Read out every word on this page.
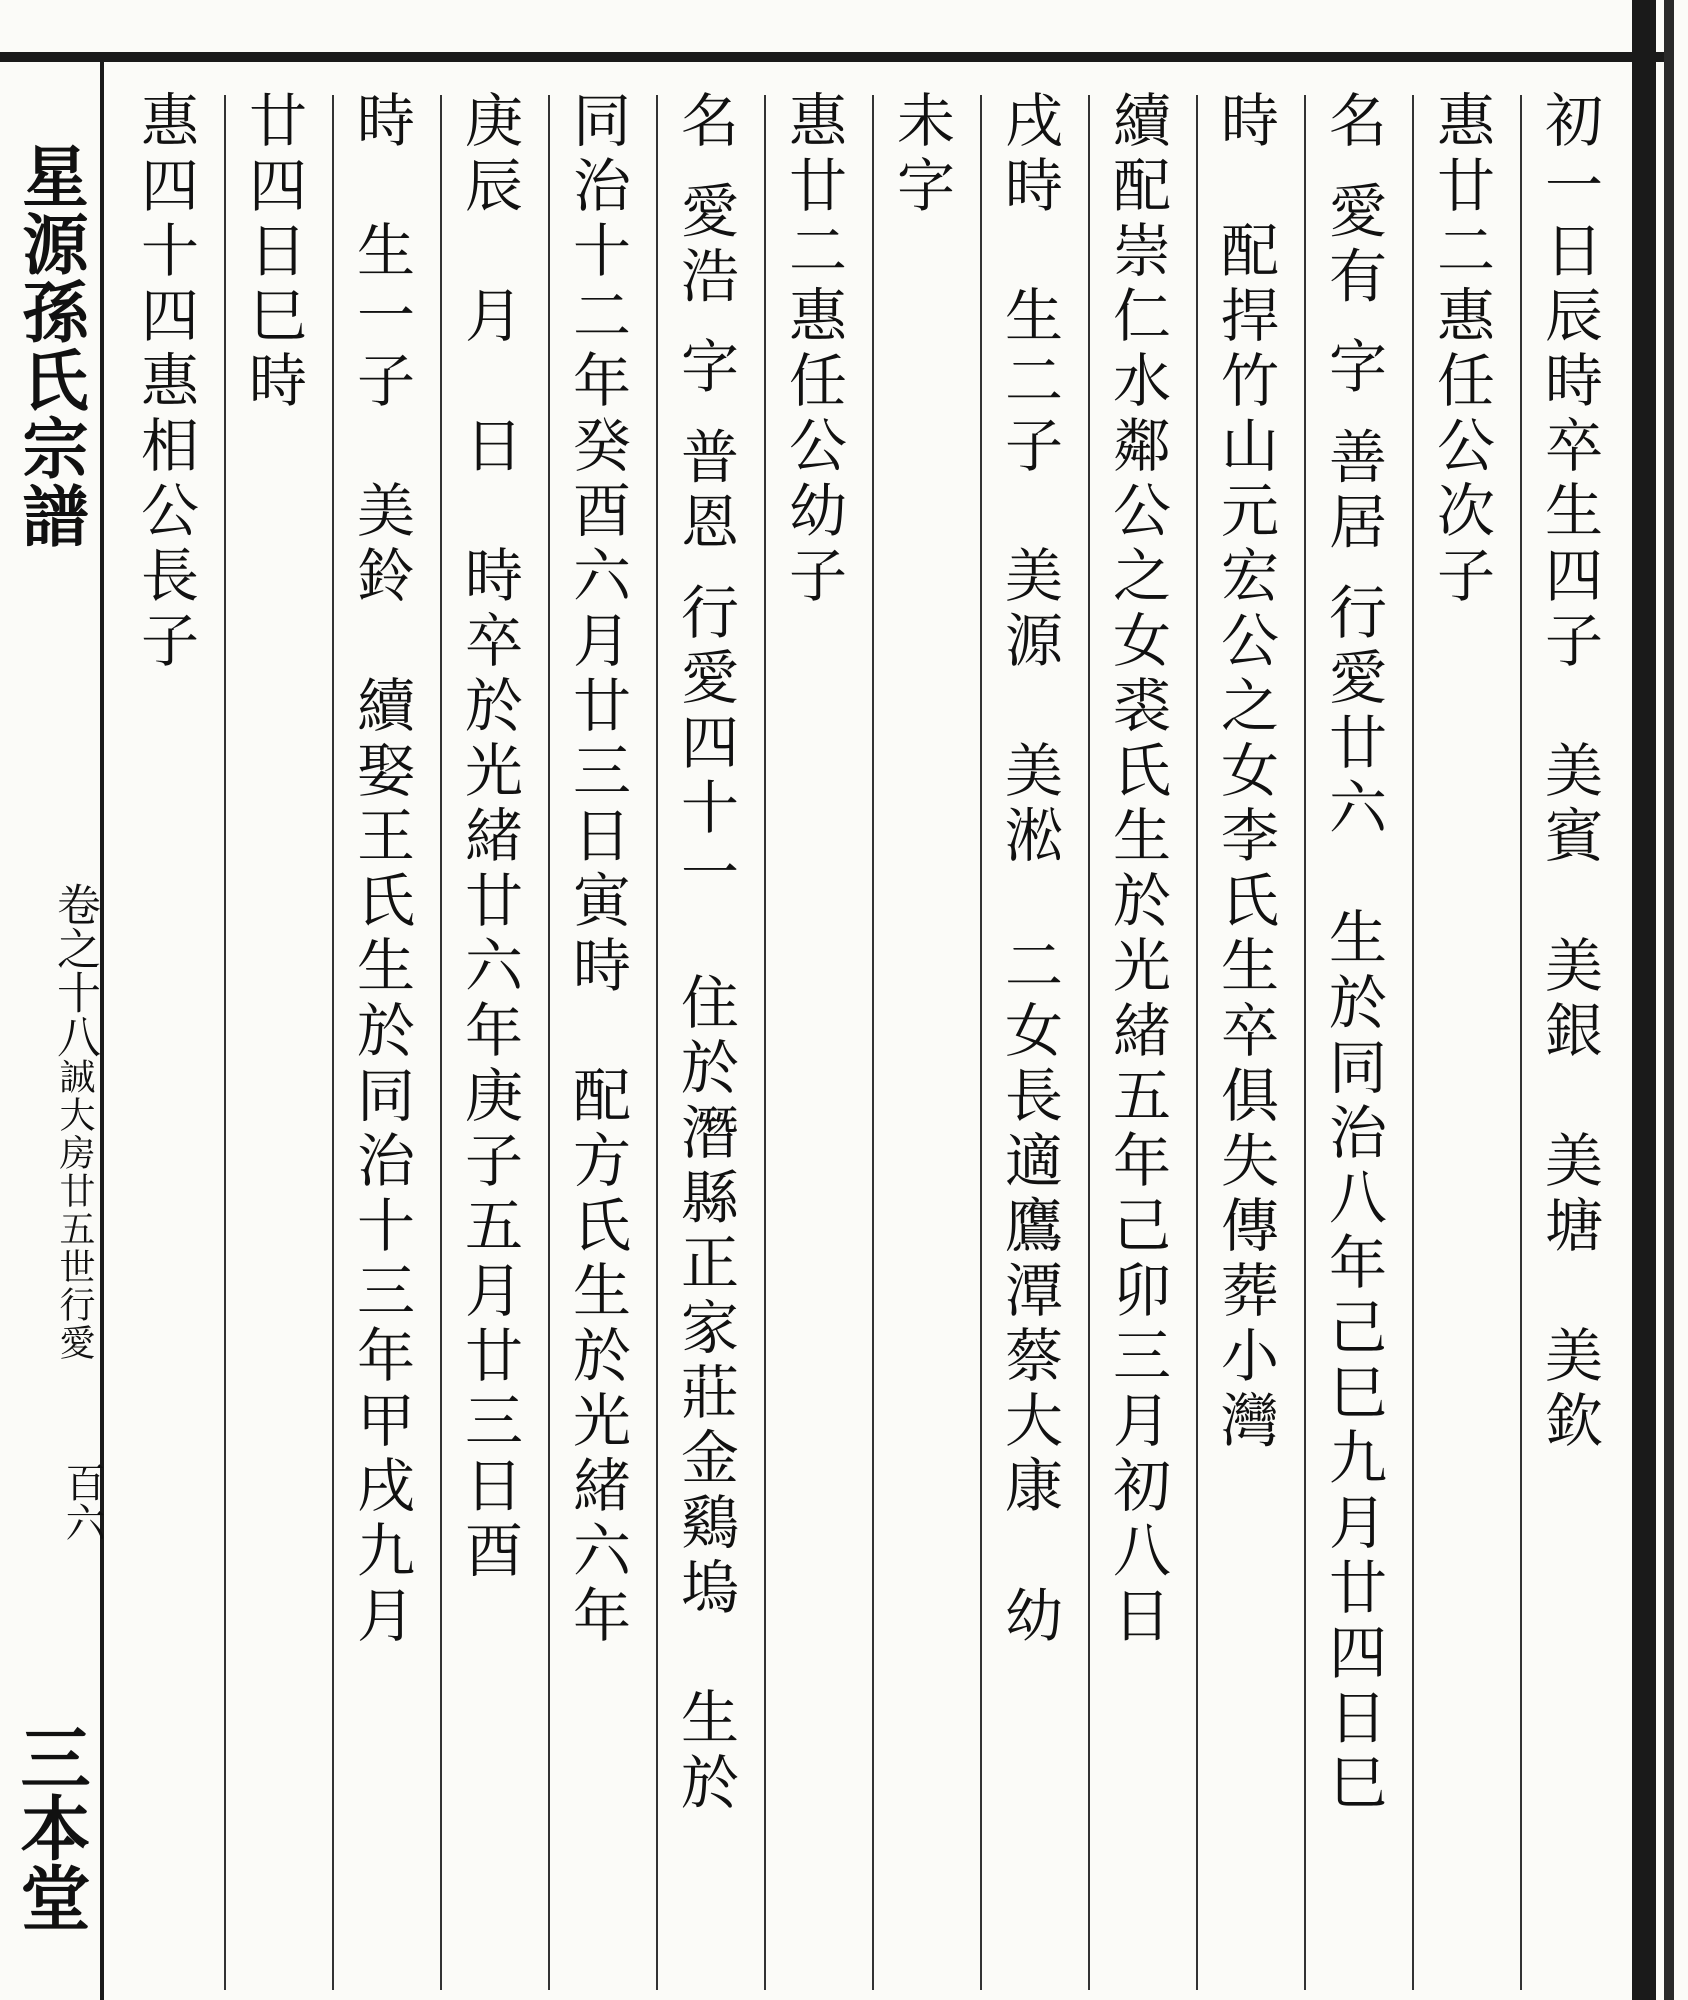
星源孫氏宗譜
卷之十八誠大房廿五世行愛
百六
三本堂
初一日辰時卒生四子　美賓　美銀　美塘　美欽
惠廿二惠任公次子
名 愛有 字 善居 行愛廿六　生於同治八年己巳九月廿四日巳
時　配捍竹山元宏公之女李氏生卒俱失傳葬小灣
續配崇仁水鄰公之女裘氏生於光緒五年己卯三月初八日
戌時　生二子　美源　美淞　二女長適鷹潭蔡大康　幼
未字
惠廿二惠任公幼子
名 愛浩 字 普恩 行愛四十一　住於潛縣正家莊金鷄塢　生於
同治十二年癸酉六月廿三日寅時　配方氏生於光緒六年
庚辰　月　日　時卒於光緒廿六年庚子五月廿三日酉
時　生一子　美鈴　續娶王氏生於同治十三年甲戌九月
廿四日巳時
惠四十四惠相公長子
